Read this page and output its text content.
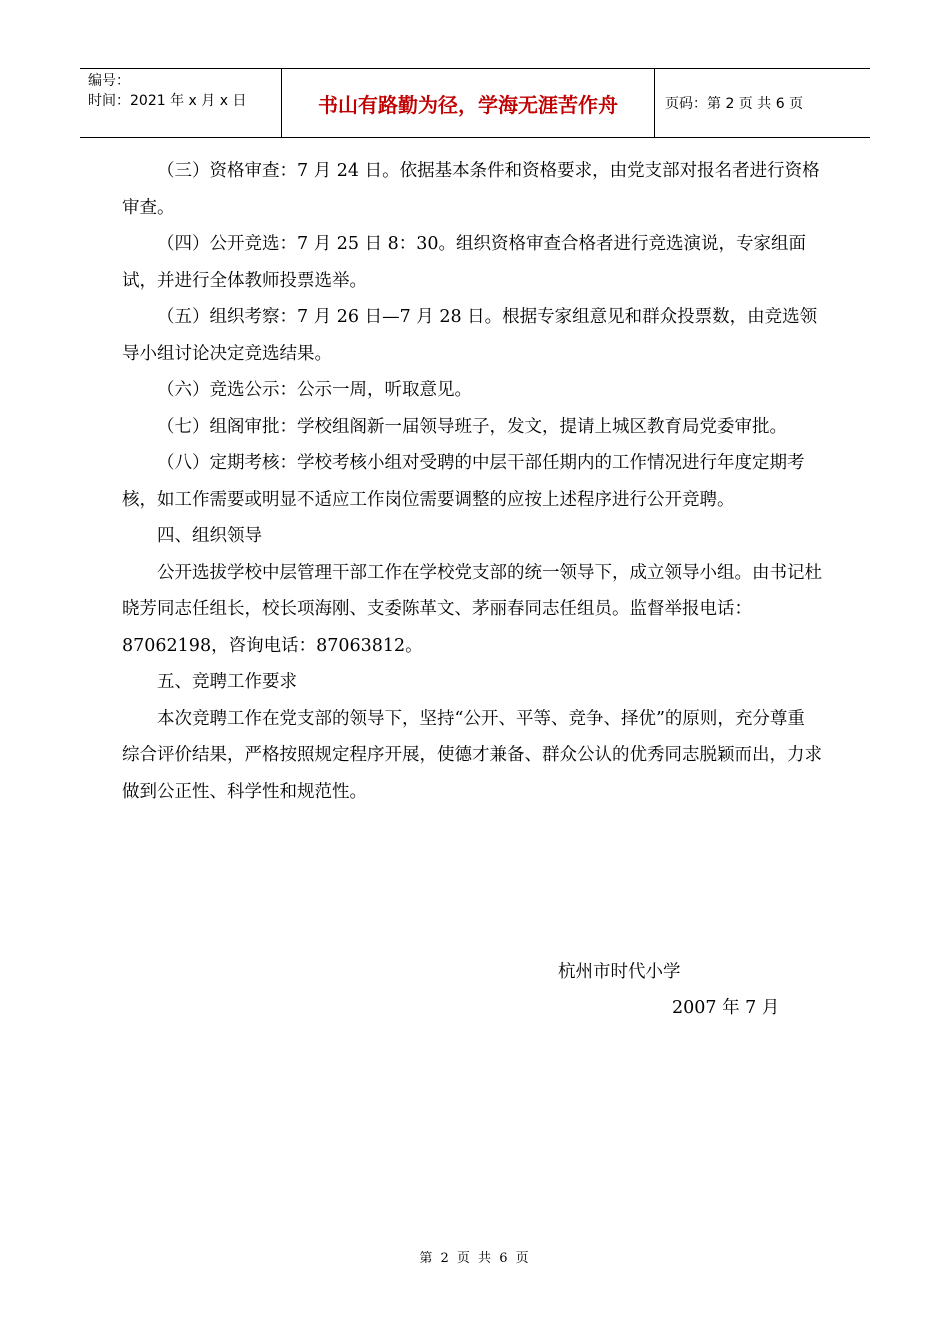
编号：
时间：2021 年 x 月 x 日	书山有路勤为径，学海无涯苦作舟	页码：第 2 页 共 6 页

（三）资格审查：7 月 24 日。依据基本条件和资格要求，由党支部对报名者进行资格审查。

（四）公开竞选：7 月 25 日 8：30。组织资格审查合格者进行竞选演说，专家组面试，并进行全体教师投票选举。

（五）组织考察：7 月 26 日—7 月 28 日。根据专家组意见和群众投票数，由竞选领导小组讨论决定竞选结果。

（六）竞选公示：公示一周，听取意见。

（七）组阁审批：学校组阁新一届领导班子，发文，提请上城区教育局党委审批。

（八）定期考核：学校考核小组对受聘的中层干部任期内的工作情况进行年度定期考核，如工作需要或明显不适应工作岗位需要调整的应按上述程序进行公开竞聘。

四、组织领导

公开选拔学校中层管理干部工作在学校党支部的统一领导下，成立领导小组。由书记杜晓芳同志任组长，校长项海刚、支委陈革文、茅丽春同志任组员。监督举报电话：87062198，咨询电话：87063812。

五、竞聘工作要求

本次竞聘工作在党支部的领导下，坚持“公开、平等、竞争、择优”的原则，充分尊重综合评价结果，严格按照规定程序开展，使德才兼备、群众公认的优秀同志脱颖而出，力求做到公正性、科学性和规范性。

杭州市时代小学
2007 年 7 月
第 2 页 共 6 页
